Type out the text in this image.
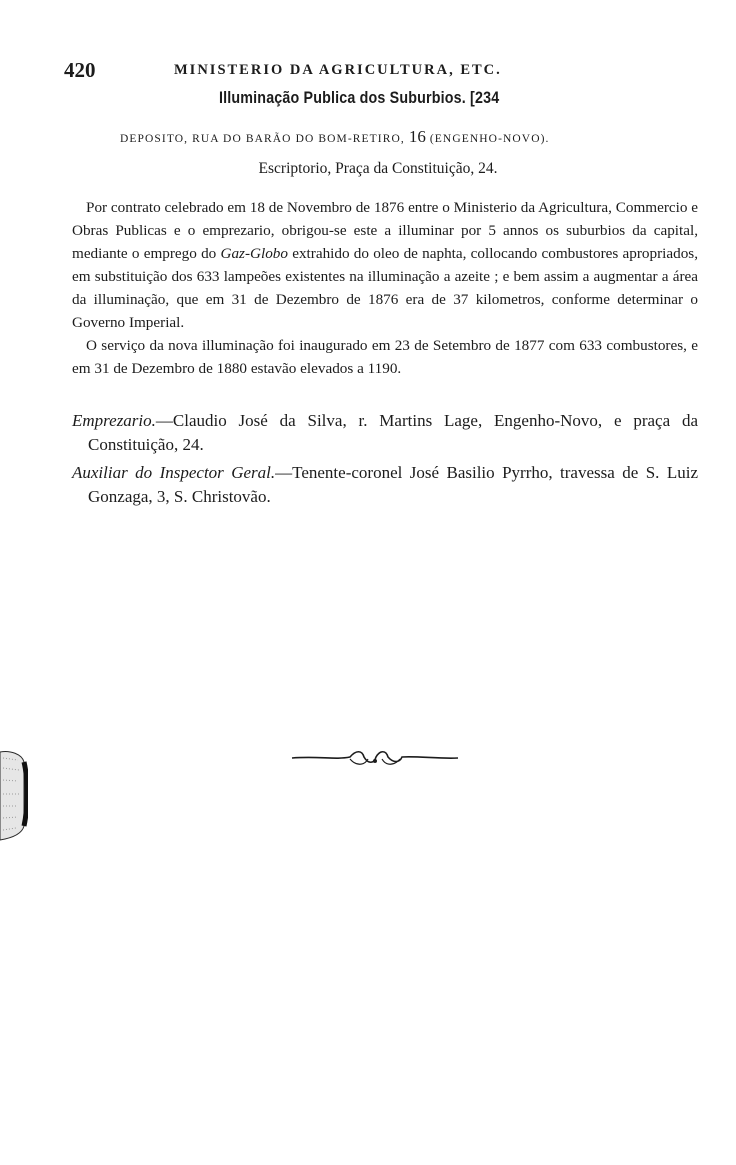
420	MINISTERIO DA AGRICULTURA, ETC.
Illuminação Publica dos Suburbios. [234
DEPOSITO, RUA DO BARÃO DO BOM-RETIRO, 16 (ENGENHO-NOVO).
Escriptorio, Praça da Constituição, 24.

Por contrato celebrado em 18 de Novembro de 1876 entre o Ministerio da Agricultura, Commercio e Obras Publicas e o emprezario, obrigou-se este a illuminar por 5 annos os suburbios da capital, mediante o emprego do Gaz-Globo extrahido do oleo de naphta, collocando combustores apropriados, em substituição dos 633 lampeões existentes na illuminação a azeite ; e bem assim a augmentar a área da illuminação, que em 31 de Dezembro de 1876 era de 37 kilometros, conforme determinar o Governo Imperial.

O serviço da nova illuminação foi inaugurado em 23 de Setembro de 1877 com 633 combustores, e em 31 de Dezembro de 1880 estavão elevados a 1190.

Emprezario.—Claudio José da Silva, r. Martins Lage, Engenho-Novo, e praça da Constituição, 24.

Auxiliar do Inspector Geral.—Tenente-coronel José Basilio Pyrrho, travessa de S. Luiz Gonzaga, 3, S. Christovão.
